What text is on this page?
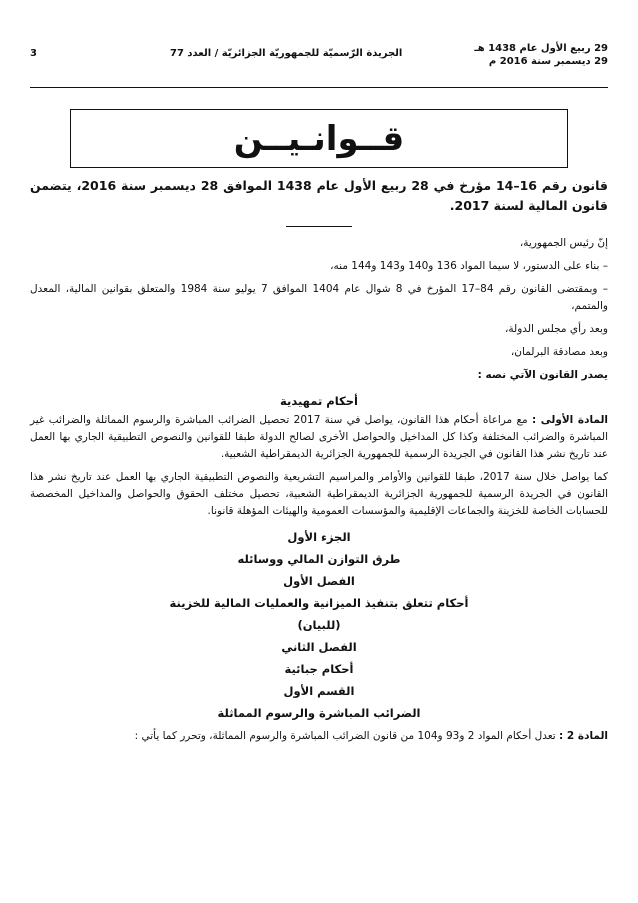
3	الجريدة الرّسميّة للجمهوريّة الجزائريّة / العدد 77	29 ربيع الأول عام 1438 هـ
29 ديسمبر سنة 2016 م
قــوانـيــن

قانون رقم 16–14 مؤرخ في 28 ربيع الأول عام 1438 الموافق 28 ديسمبر سنة 2016، يتضمن قانون المالية لسنة 2017.

إنّ رئيس الجمهورية،

– بناء على الدستور، لا سيما المواد 136 و140 و143 و144 منه،

– وبمقتضى القانون رقم 84–17 المؤرخ في 8 شوال عام 1404 الموافق 7 يوليو سنة 1984 والمتعلق بقوانين المالية، المعدل والمتمم،

وبعد رأي مجلس الدولة،

وبعد مصادقة البرلمان،

يصدر القانون الآتي نصه :

أحكام تمهيدية

المادة الأولى : مع مراعاة أحكام هذا القانون، يواصل في سنة 2017 تحصيل الضرائب المباشرة والرسوم المماثلة والضرائب غير المباشرة والضرائب المختلفة وكذا كل المداخيل والحواصل الأخرى لصالح الدولة طبقا للقوانين والنصوص التطبيقية الجاري بها العمل عند تاريخ نشر هذا القانون في الجريدة الرسمية للجمهورية الجزائرية الديمقراطية الشعبية.

كما يواصل خلال سنة 2017، طبقا للقوانين والأوامر والمراسيم التشريعية والنصوص التطبيقية الجاري بها العمل عند تاريخ نشر هذا القانون في الجريدة الرسمية للجمهورية الجزائرية الديمقراطية الشعبية، تحصيل مختلف الحقوق والحواصل والمداخيل المخصصة للحسابات الخاصة للخزينة والجماعات الإقليمية والمؤسسات العمومية والهيئات المؤهلة قانونا.

الجزء الأول

طرق التوازن المالي ووسائله

الفصل الأول

أحكام تتعلق بتنفيذ الميزانية والعمليات المالية للخزينة

(للبيان)

الفصل الثاني

أحكام جبائية

القسم الأول

الضرائب المباشرة والرسوم المماثلة

المادة 2 : تعدل أحكام المواد 2 و93 و104 من قانون الضرائب المباشرة والرسوم المماثلة، وتحرر كما يأتي :
